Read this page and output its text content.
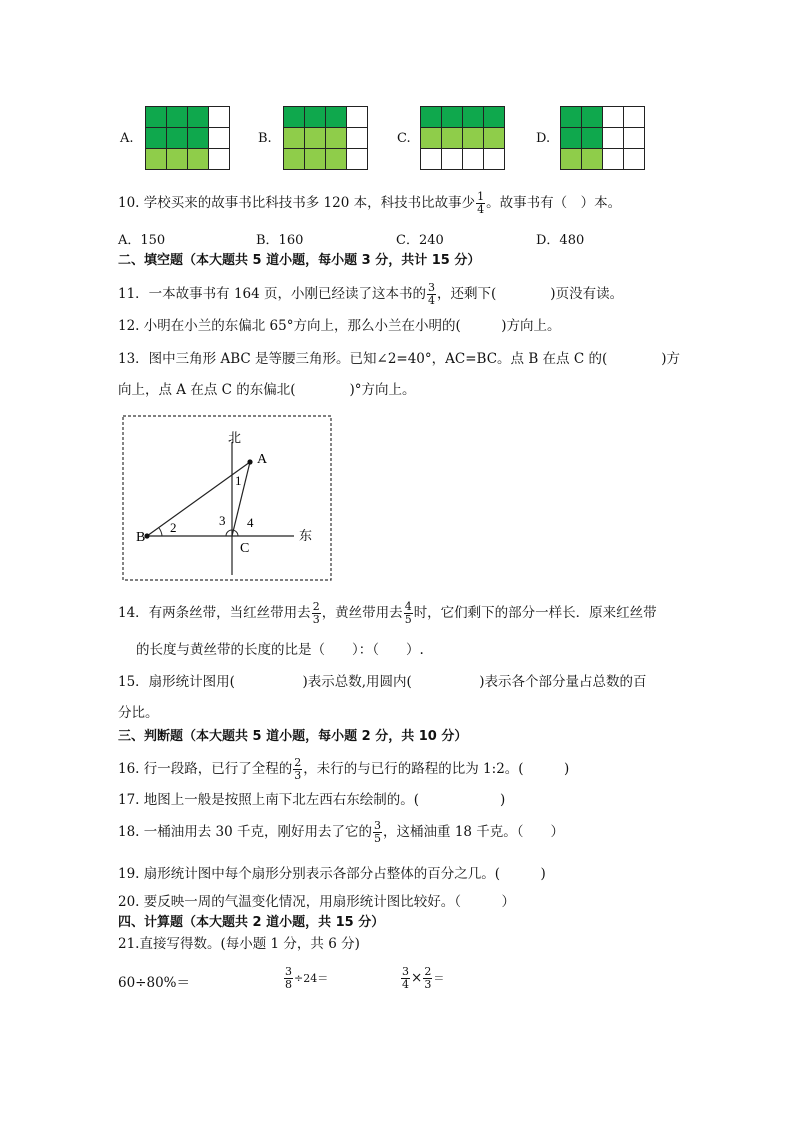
A.	B.	C.	D.
10. 学校买来的故事书比科技书多 120 本，科技书比故事少 $\frac{1}{4}$ 。故事书有（　）本。
A．150	B．160	C．240	D．480
二、填空题（本大题共 5 道小题，每小题 3 分，共计 15 分）
11．一本故事书有 164 页，小刚已经读了这本书的 $\frac{3}{4}$ ，还剩下(　　　　)页没有读。
12. 小明在小兰的东偏北 65°方向上，那么小兰在小明的(　　　)方向上。
13．图中三角形 ABC 是等腰三角形。已知∠2=40°，AC=BC。点 B 在点 C 的(　　　　)方
向上，点 A 在点 C 的东偏北(　　　　)°方向上。
北
东
A
B
C
1
2	3 4
14．有两条丝带，当红丝带用去 $\frac{2}{3}$ ，黄丝带用去 $\frac{4}{5}$ 时，它们剩下的部分一样长．原来红丝带
的长度与黄丝带的长度的比是（　　）：（　　）.
15．扇形统计图用(　　　　　)表示总数,用圆内(　　　　　)表示各个部分量占总数的百
分比。
三、判断题（本大题共 5 道小题，每小题 2 分，共 10 分）
16. 行一段路，已行了全程的 $\frac{2}{3}$ ，未行的与已行的路程的比为 1:2。(　　　)
17. 地图上一般是按照上南下北左西右东绘制的。(　　　　　　)
18. 一桶油用去 30 千克，刚好用去了它的 $\frac{3}{5}$ ，这桶油重 18 千克。（　　）
19. 扇形统计图中每个扇形分别表示各部分占整体的百分之几。(　　　)
20. 要反映一周的气温变化情况，用扇形统计图比较好。（　　　）
四、计算题（本大题共 2 道小题，共 15 分）
21.直接写得数。(每小题 1 分，共 6 分)
60÷80%＝	$\frac{3}{8} \div 24=$	$\frac{3}{4} \times \frac{2}{3}$ ＝
